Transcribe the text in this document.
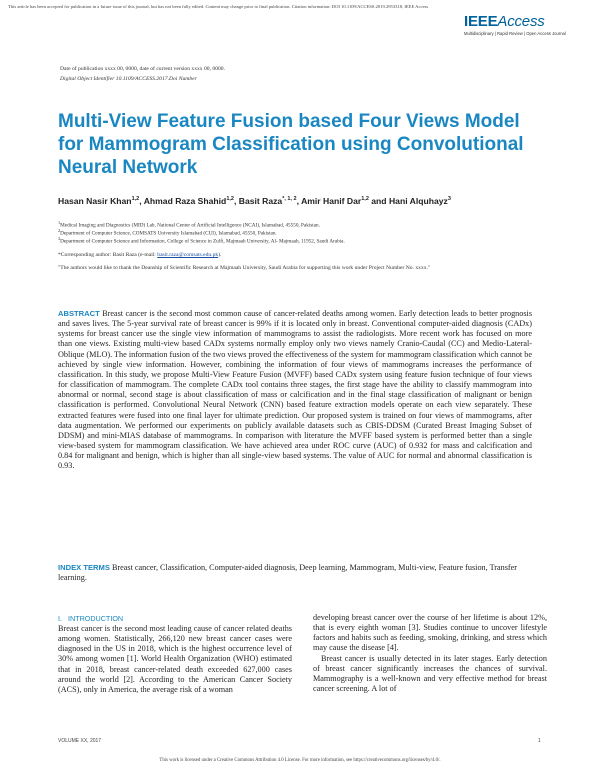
This article has been accepted for publication in a future issue of this journal, but has not been fully edited. Content may change prior to final publication. Citation information: DOI 10.1109/ACCESS.2019.2953318, IEEE Access
IEEEAccess
Multidisciplinary | Rapid Review | Open Access Journal
Date of publication xxxx 00, 0000, date of current version xxxx 00, 0000.
Digital Object Identifier 10.1109/ACCESS.2017.Doi Number
Multi-View Feature Fusion based Four Views Model for Mammogram Classification using Convolutional Neural Network
Hasan Nasir Khan$^{1,2}$, Ahmad Raza Shahid$^{1,2}$, Basit Raza$^{*, 1, 2}$, Amir Hanif Dar$^{1,2}$ and Hani Alquhayz$^3$
$^1$Medical Imaging and Diagnostics (MID) Lab, National Center of Artificial Intelligence (NCAI), Islamabad, 45550, Pakistan.
$^2$Department of Computer Science, COMSATS University Islamabad (CUI), Islamabad, 45550, Pakistan.
$^3$Department of Computer Science and Information, College of Science in Zulfi, Majmaah University, Al- Majmaah, 11952, Saudi Arabia.
*Corresponding author: Basit Raza (e-mail: basit.raza@comsats.edu.pk).
"The authors would like to thank the Deanship of Scientific Research at Majmaah University, Saudi Arabia for supporting this work under Project Number No. xxxx."

ABSTRACT Breast cancer is the second most common cause of cancer-related deaths among women. Early detection leads to better prognosis and saves lives. The 5-year survival rate of breast cancer is 99% if it is located only in breast. Conventional computer-aided diagnosis (CADx) systems for breast cancer use the single view information of mammograms to assist the radiologists. More recent work has focused on more than one views. Existing multi-view based CADx systems normally employ only two views namely Cranio-Caudal (CC) and Medio-Lateral-Oblique (MLO). The information fusion of the two views proved the effectiveness of the system for mammogram classification which cannot be achieved by single view information. However, combining the information of four views of mammograms increases the performance of classification. In this study, we propose Multi-View Feature Fusion (MVFF) based CADx system using feature fusion technique of four views for classification of mammogram. The complete CADx tool contains three stages, the first stage have the ability to classify mammogram into abnormal or normal, second stage is about classification of mass or calcification and in the final stage classification of malignant or benign classification is performed. Convolutional Neural Network (CNN) based feature extraction models operate on each view separately. These extracted features were fused into one final layer for ultimate prediction. Our proposed system is trained on four views of mammograms, after data augmentation. We performed our experiments on publicly available datasets such as CBIS-DDSM (Curated Breast Imaging Subset of DDSM) and mini-MIAS database of mammograms. In comparison with literature the MVFF based system is performed better than a single view-based system for mammogram classification. We have achieved area under ROC curve (AUC) of 0.932 for mass and calcification and 0.84 for malignant and benign, which is higher than all single-view based systems. The value of AUC for normal and abnormal classification is 0.93.

INDEX TERMS Breast cancer, Classification, Computer-aided diagnosis, Deep learning, Mammogram, Multi-view, Feature fusion, Transfer learning.

I. INTRODUCTION

Breast cancer is the second most leading cause of cancer related deaths among women. Statistically, 266,120 new breast cancer cases were diagnosed in the US in 2018, which is the highest occurrence level of 30% among women [1]. World Health Organization (WHO) estimated that in 2018, breast cancer-related death exceeded 627,000 cases around the world [2]. According to the American Cancer Society (ACS), only in America, the average risk of a woman

developing breast cancer over the course of her lifetime is about 12%, that is every eighth woman [3]. Studies continue to uncover lifestyle factors and habits such as feeding, smoking, drinking, and stress which may cause the disease [4].

Breast cancer is usually detected in its later stages. Early detection of breast cancer significantly increases the chances of survival. Mammography is a well-known and very effective method for breast cancer screening. A lot of

VOLUME XX, 2017	1
This work is licensed under a Creative Commons Attribution 4.0 License. For more information, see https://creativecommons.org/licenses/by/4.0/.
